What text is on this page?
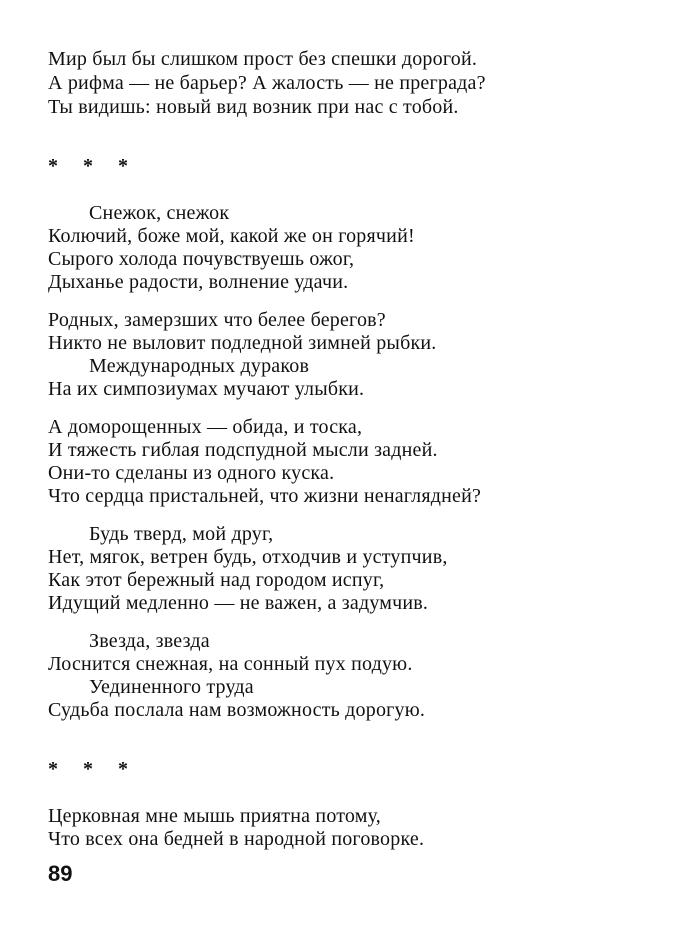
Мир был бы слишком прост без спешки дорогой.
А рифма — не барьер? А жалость — не преграда?
Ты видишь: новый вид возник при нас с тобой.
* * *
Снежок, снежок
Колючий, боже мой, какой же он горячий!
Сырого холода почувствуешь ожог,
Дыханье радости, волнение удачи.
Родных, замерзших что белее берегов?
Никто не выловит подледной зимней рыбки.
Международных дураков
На их симпозиумах мучают улыбки.
А доморощенных — обида, и тоска,
И тяжесть гиблая подспудной мысли задней.
Они-то сделаны из одного куска.
Что сердца пристальней, что жизни ненаглядней?
Будь тверд, мой друг,
Нет, мягок, ветрен будь, отходчив и уступчив,
Как этот бережный над городом испуг,
Идущий медленно — не важен, а задумчив.
Звезда, звезда
Лоснится снежная, на сонный пух подую.
Уединенного труда
Судьба послала нам возможность дорогую.
* * *
Церковная мне мышь приятна потому,
Что всех она бедней в народной поговорке.
89
